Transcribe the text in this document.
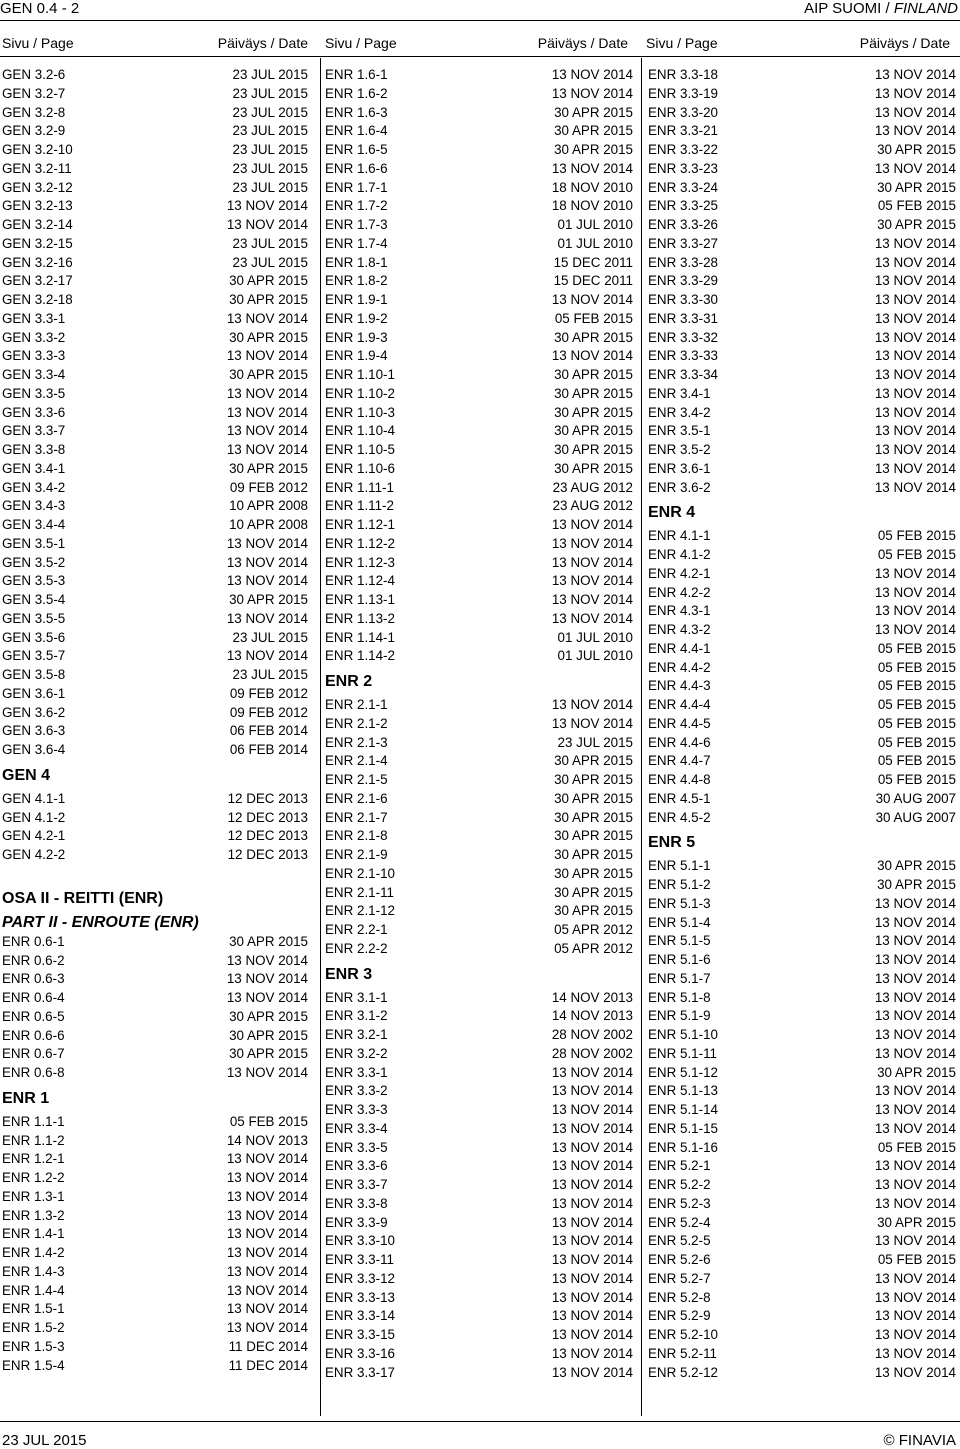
GEN 0.4 - 2	AIP SUOMI / FINLAND
Sivu / Page	Päiväys / Date Sivu / Page	Päiväys / Date Sivu / Page	Päiväys / Date
GEN 3.2-6	23 JUL 2015
GEN 3.2-7	23 JUL 2015
GEN 3.2-8	23 JUL 2015
GEN 3.2-9	23 JUL 2015
GEN 3.2-10	23 JUL 2015
GEN 3.2-11	23 JUL 2015
GEN 3.2-12	23 JUL 2015
GEN 3.2-13	13 NOV 2014
GEN 3.2-14	13 NOV 2014
GEN 3.2-15	23 JUL 2015
GEN 3.2-16	23 JUL 2015
GEN 3.2-17	30 APR 2015
GEN 3.2-18	30 APR 2015
GEN 3.3-1	13 NOV 2014
GEN 3.3-2	30 APR 2015
GEN 3.3-3	13 NOV 2014
GEN 3.3-4	30 APR 2015
GEN 3.3-5	13 NOV 2014
GEN 3.3-6	13 NOV 2014
GEN 3.3-7	13 NOV 2014
GEN 3.3-8	13 NOV 2014
GEN 3.4-1	30 APR 2015
GEN 3.4-2	09 FEB 2012
GEN 3.4-3	10 APR 2008
GEN 3.4-4	10 APR 2008
GEN 3.5-1	13 NOV 2014
GEN 3.5-2	13 NOV 2014
GEN 3.5-3	13 NOV 2014
GEN 3.5-4	30 APR 2015
GEN 3.5-5	13 NOV 2014
GEN 3.5-6	23 JUL 2015
GEN 3.5-7	13 NOV 2014
GEN 3.5-8	23 JUL 2015
GEN 3.6-1	09 FEB 2012
GEN 3.6-2	09 FEB 2012
GEN 3.6-3	06 FEB 2014
GEN 3.6-4	06 FEB 2014
GEN 4
GEN 4.1-1	12 DEC 2013
GEN 4.1-2	12 DEC 2013
GEN 4.2-1	12 DEC 2013
GEN 4.2-2	12 DEC 2013
OSA II - REITTI (ENR)
PART II - ENROUTE (ENR)
ENR 0.6-1	30 APR 2015
ENR 0.6-2	13 NOV 2014
ENR 0.6-3	13 NOV 2014
ENR 0.6-4	13 NOV 2014
ENR 0.6-5	30 APR 2015
ENR 0.6-6	30 APR 2015
ENR 0.6-7	30 APR 2015
ENR 0.6-8	13 NOV 2014
ENR 1
ENR 1.1-1	05 FEB 2015
ENR 1.1-2	14 NOV 2013
ENR 1.2-1	13 NOV 2014
ENR 1.2-2	13 NOV 2014
ENR 1.3-1	13 NOV 2014
ENR 1.3-2	13 NOV 2014
ENR 1.4-1	13 NOV 2014
ENR 1.4-2	13 NOV 2014
ENR 1.4-3	13 NOV 2014
ENR 1.4-4	13 NOV 2014
ENR 1.5-1	13 NOV 2014
ENR 1.5-2	13 NOV 2014
ENR 1.5-3	11 DEC 2014
ENR 1.5-4	11 DEC 2014
ENR 1.6-1	13 NOV 2014
ENR 1.6-2	13 NOV 2014
ENR 1.6-3	30 APR 2015
ENR 1.6-4	30 APR 2015
ENR 1.6-5	30 APR 2015
ENR 1.6-6	13 NOV 2014
ENR 1.7-1	18 NOV 2010
ENR 1.7-2	18 NOV 2010
ENR 1.7-3	01 JUL 2010
ENR 1.7-4	01 JUL 2010
ENR 1.8-1	15 DEC 2011
ENR 1.8-2	15 DEC 2011
ENR 1.9-1	13 NOV 2014
ENR 1.9-2	05 FEB 2015
ENR 1.9-3	30 APR 2015
ENR 1.9-4	13 NOV 2014
ENR 1.10-1	30 APR 2015
ENR 1.10-2	30 APR 2015
ENR 1.10-3	30 APR 2015
ENR 1.10-4	30 APR 2015
ENR 1.10-5	30 APR 2015
ENR 1.10-6	30 APR 2015
ENR 1.11-1	23 AUG 2012
ENR 1.11-2	23 AUG 2012
ENR 1.12-1	13 NOV 2014
ENR 1.12-2	13 NOV 2014
ENR 1.12-3	13 NOV 2014
ENR 1.12-4	13 NOV 2014
ENR 1.13-1	13 NOV 2014
ENR 1.13-2	13 NOV 2014
ENR 1.14-1	01 JUL 2010
ENR 1.14-2	01 JUL 2010
ENR 2
ENR 2.1-1	13 NOV 2014
ENR 2.1-2	13 NOV 2014
ENR 2.1-3	23 JUL 2015
ENR 2.1-4	30 APR 2015
ENR 2.1-5	30 APR 2015
ENR 2.1-6	30 APR 2015
ENR 2.1-7	30 APR 2015
ENR 2.1-8	30 APR 2015
ENR 2.1-9	30 APR 2015
ENR 2.1-10	30 APR 2015
ENR 2.1-11	30 APR 2015
ENR 2.1-12	30 APR 2015
ENR 2.2-1	05 APR 2012
ENR 2.2-2	05 APR 2012
ENR 3
ENR 3.1-1	14 NOV 2013
ENR 3.1-2	14 NOV 2013
ENR 3.2-1	28 NOV 2002
ENR 3.2-2	28 NOV 2002
ENR 3.3-1	13 NOV 2014
ENR 3.3-2	13 NOV 2014
ENR 3.3-3	13 NOV 2014
ENR 3.3-4	13 NOV 2014
ENR 3.3-5	13 NOV 2014
ENR 3.3-6	13 NOV 2014
ENR 3.3-7	13 NOV 2014
ENR 3.3-8	13 NOV 2014
ENR 3.3-9	13 NOV 2014
ENR 3.3-10	13 NOV 2014
ENR 3.3-11	13 NOV 2014
ENR 3.3-12	13 NOV 2014
ENR 3.3-13	13 NOV 2014
ENR 3.3-14	13 NOV 2014
ENR 3.3-15	13 NOV 2014
ENR 3.3-16	13 NOV 2014
ENR 3.3-17	13 NOV 2014
ENR 3.3-18	13 NOV 2014
ENR 3.3-19	13 NOV 2014
ENR 3.3-20	13 NOV 2014
ENR 3.3-21	13 NOV 2014
ENR 3.3-22	30 APR 2015
ENR 3.3-23	13 NOV 2014
ENR 3.3-24	30 APR 2015
ENR 3.3-25	05 FEB 2015
ENR 3.3-26	30 APR 2015
ENR 3.3-27	13 NOV 2014
ENR 3.3-28	13 NOV 2014
ENR 3.3-29	13 NOV 2014
ENR 3.3-30	13 NOV 2014
ENR 3.3-31	13 NOV 2014
ENR 3.3-32	13 NOV 2014
ENR 3.3-33	13 NOV 2014
ENR 3.3-34	13 NOV 2014
ENR 3.4-1	13 NOV 2014
ENR 3.4-2	13 NOV 2014
ENR 3.5-1	13 NOV 2014
ENR 3.5-2	13 NOV 2014
ENR 3.6-1	13 NOV 2014
ENR 3.6-2	13 NOV 2014
ENR 4
ENR 4.1-1	05 FEB 2015
ENR 4.1-2	05 FEB 2015
ENR 4.2-1	13 NOV 2014
ENR 4.2-2	13 NOV 2014
ENR 4.3-1	13 NOV 2014
ENR 4.3-2	13 NOV 2014
ENR 4.4-1	05 FEB 2015
ENR 4.4-2	05 FEB 2015
ENR 4.4-3	05 FEB 2015
ENR 4.4-4	05 FEB 2015
ENR 4.4-5	05 FEB 2015
ENR 4.4-6	05 FEB 2015
ENR 4.4-7	05 FEB 2015
ENR 4.4-8	05 FEB 2015
ENR 4.5-1	30 AUG 2007
ENR 4.5-2	30 AUG 2007
ENR 5
ENR 5.1-1	30 APR 2015
ENR 5.1-2	30 APR 2015
ENR 5.1-3	13 NOV 2014
ENR 5.1-4	13 NOV 2014
ENR 5.1-5	13 NOV 2014
ENR 5.1-6	13 NOV 2014
ENR 5.1-7	13 NOV 2014
ENR 5.1-8	13 NOV 2014
ENR 5.1-9	13 NOV 2014
ENR 5.1-10	13 NOV 2014
ENR 5.1-11	13 NOV 2014
ENR 5.1-12	30 APR 2015
ENR 5.1-13	13 NOV 2014
ENR 5.1-14	13 NOV 2014
ENR 5.1-15	13 NOV 2014
ENR 5.1-16	05 FEB 2015
ENR 5.2-1	13 NOV 2014
ENR 5.2-2	13 NOV 2014
ENR 5.2-3	13 NOV 2014
ENR 5.2-4	30 APR 2015
ENR 5.2-5	13 NOV 2014
ENR 5.2-6	05 FEB 2015
ENR 5.2-7	13 NOV 2014
ENR 5.2-8	13 NOV 2014
ENR 5.2-9	13 NOV 2014
ENR 5.2-10	13 NOV 2014
ENR 5.2-11	13 NOV 2014
ENR 5.2-12	13 NOV 2014
23 JUL 2015	© FINAVIA
